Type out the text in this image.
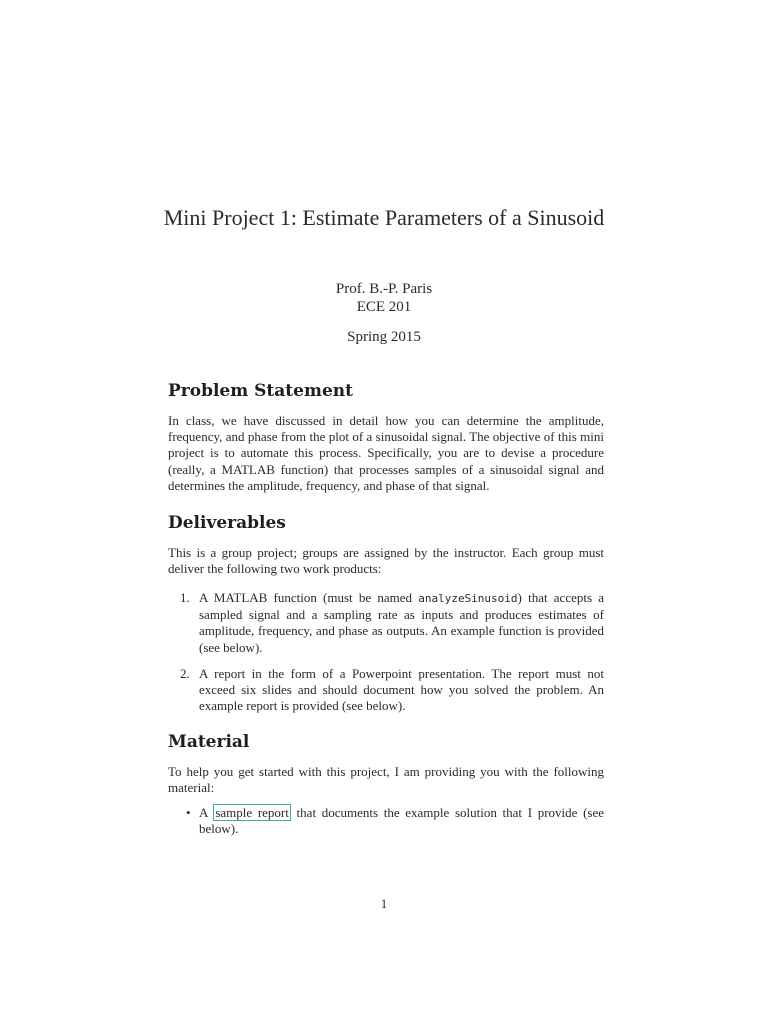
Mini Project 1: Estimate Parameters of a Sinusoid
Prof. B.-P. Paris
ECE 201
Spring 2015
Problem Statement

In class, we have discussed in detail how you can determine the amplitude, frequency, and phase from the plot of a sinusoidal signal. The objective of this mini project is to automate this process. Specifically, you are to devise a procedure (really, a MATLAB function) that processes samples of a sinusoidal signal and determines the amplitude, frequency, and phase of that signal.

Deliverables

This is a group project; groups are assigned by the instructor. Each group must deliver the following two work products:

1. A MATLAB function (must be named analyzeSinusoid) that accepts a sampled signal and a sampling rate as inputs and produces estimates of amplitude, frequency, and phase as outputs. An example function is provided (see below).
2. A report in the form of a Powerpoint presentation. The report must not exceed six slides and should document how you solved the problem. An example report is provided (see below).
Material

To help you get started with this project, I am providing you with the following material:

• A sample report that documents the example solution that I provide (see below).
1
